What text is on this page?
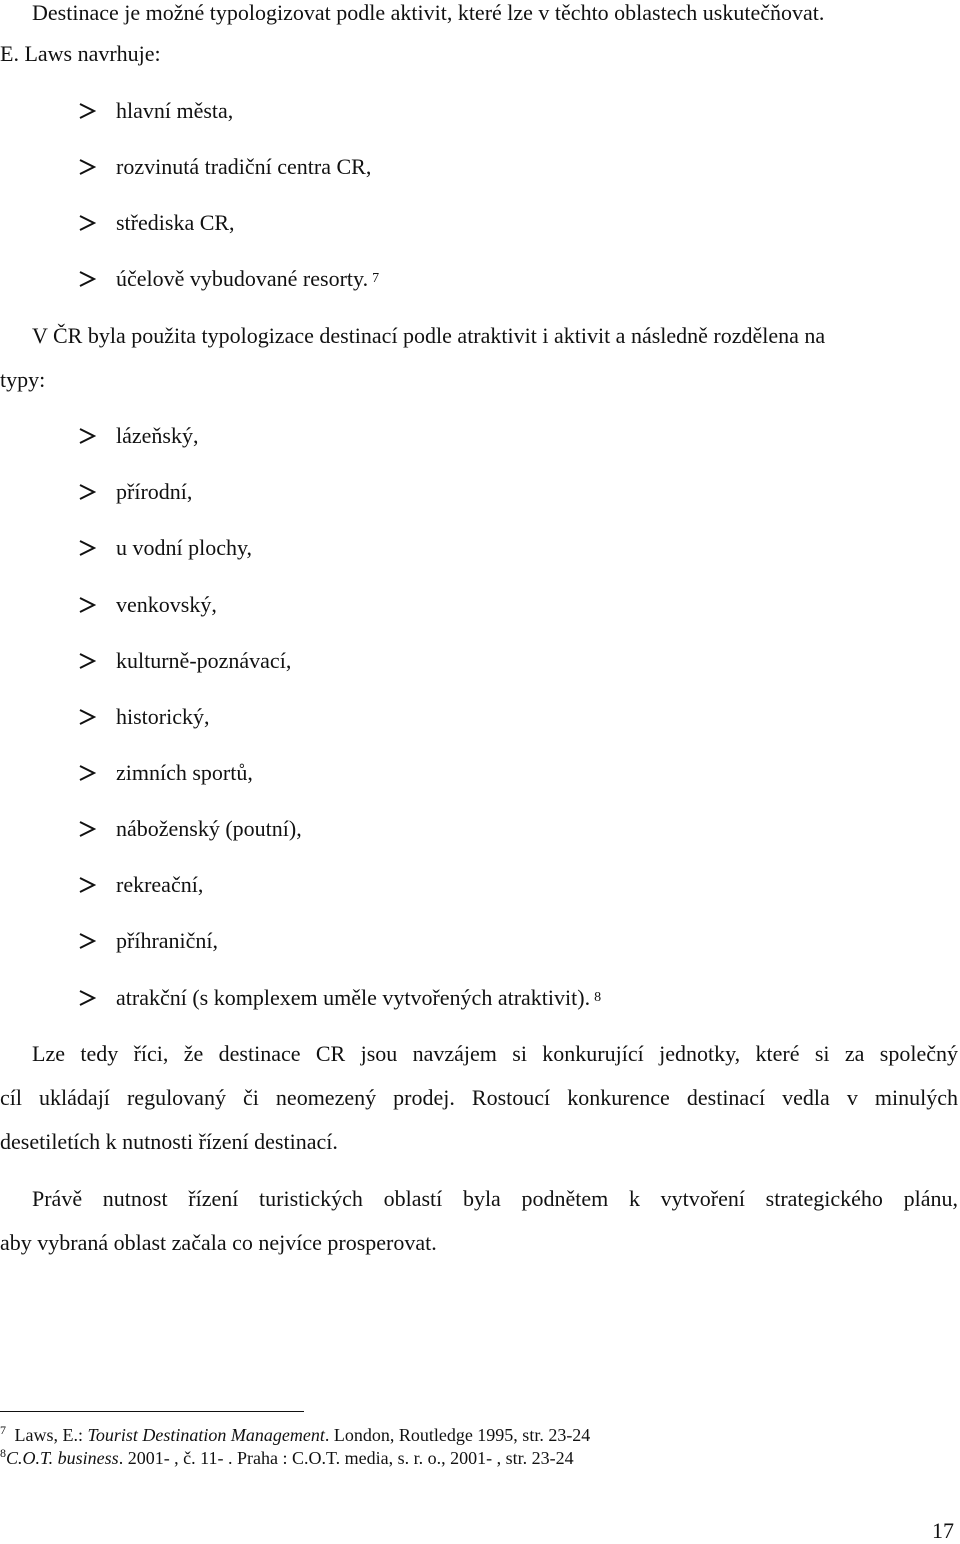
Destinace je možné typologizovat podle aktivit, které lze v těchto oblastech uskutečňovat.
E. Laws navrhuje:
hlavní města,
rozvinutá tradiční centra CR,
střediska CR,
účelově vybudované resorty. 7
V ČR byla použita typologizace destinací podle atraktivit i aktivit a následně rozdělena na
typy:
lázeňský,
přírodní,
u vodní plochy,
venkovský,
kulturně-poznávací,
historický,
zimních sportů,
náboženský (poutní),
rekreační,
příhraniční,
atrakční (s komplexem uměle vytvořených atraktivit). 8
Lze tedy říci, že destinace CR jsou navzájem si konkurující jednotky, které si za společný
cíl ukládají regulovaný či neomezený prodej. Rostoucí konkurence destinací vedla v minulých
desetiletích k nutnosti řízení destinací.
Právě nutnost řízení turistických oblastí byla podnětem k vytvoření strategického plánu,
aby vybraná oblast začala co nejvíce prosperovat.
$^7$ Laws, E.: Tourist Destination Management. London, Routledge 1995, str. 23-24
$^8$C.O.T. business. 2001- , č. 11- . Praha : C.O.T. media, s. r. o., 2001- , str. 23-24
17
